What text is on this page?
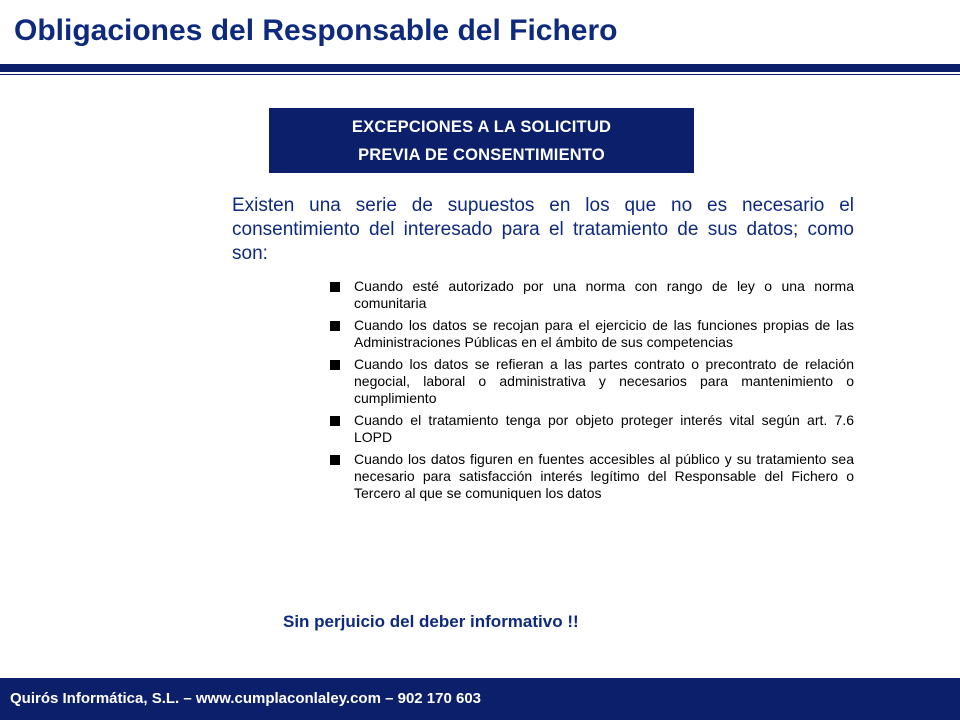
Obligaciones del Responsable del Fichero
EXCEPCIONES A LA SOLICITUD
PREVIA DE CONSENTIMIENTO
Existen una serie de supuestos en los que no es necesario el consentimiento del interesado para el tratamiento de sus datos; como son:
Cuando esté autorizado por una norma con rango de ley o una norma comunitaria
Cuando los datos se recojan para el ejercicio de las funciones propias de las Administraciones Públicas en el ámbito de sus competencias
Cuando los datos se refieran a las partes contrato o precontrato de relación negocial, laboral o administrativa y necesarios para mantenimiento o cumplimiento
Cuando el tratamiento tenga por objeto proteger interés vital según art. 7.6 LOPD
Cuando los datos figuren en fuentes accesibles al público y su tratamiento sea necesario para satisfacción interés legítimo del Responsable del Fichero o Tercero al que se comuniquen los datos
Sin perjuicio del deber informativo !!
Quirós Informática, S.L. – www.cumplaconlaley.com – 902 170 603
